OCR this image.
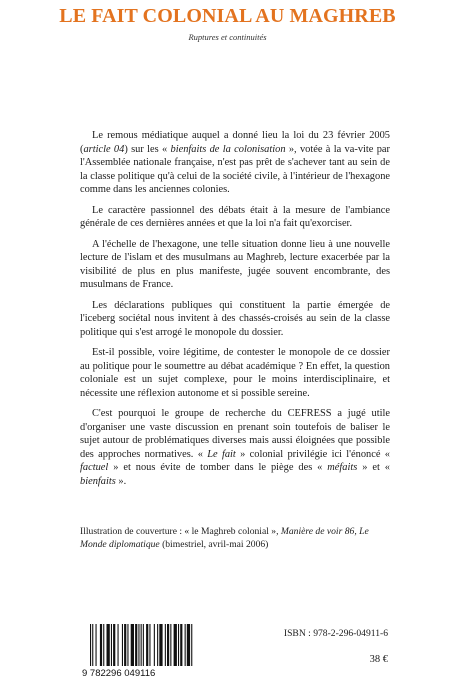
LE FAIT COLONIAL AU MAGHREB
Ruptures et continuités

Le remous médiatique auquel a donné lieu la loi du 23 février 2005 (article 04) sur les « bienfaits de la colonisation », votée à la va-vite par l'Assemblée nationale française, n'est pas prêt de s'achever tant au sein de la classe politique qu'à celui de la société civile, à l'intérieur de l'hexagone comme dans les anciennes colonies.

Le caractère passionnel des débats était à la mesure de l'ambiance générale de ces dernières années et que la loi n'a fait qu'exorciser.

A l'échelle de l'hexagone, une telle situation donne lieu à une nouvelle lecture de l'islam et des musulmans au Maghreb, lecture exacerbée par la visibilité de plus en plus manifeste, jugée souvent encombrante, des musulmans de France.

Les déclarations publiques qui constituent la partie émergée de l'iceberg sociétal nous invitent à des chassés-croisés au sein de la classe politique qui s'est arrogé le monopole du dossier.

Est-il possible, voire légitime, de contester le monopole de ce dossier au politique pour le soumettre au débat académique ? En effet, la question coloniale est un sujet complexe, pour le moins interdisciplinaire, et nécessite une réflexion autonome et si possible sereine.

C'est pourquoi le groupe de recherche du CEFRESS a jugé utile d'organiser une vaste discussion en prenant soin toutefois de baliser le sujet autour de problématiques diverses mais aussi éloignées que possible des approches normatives. « Le fait » colonial privilégie ici l'énoncé « factuel » et nous évite de tomber dans le piège des « méfaits » et « bienfaits ».

Illustration de couverture : « le Maghreb colonial », Manière de voir 86, Le Monde diplomatique (bimestriel, avril-mai 2006)
9 782296 049116
ISBN : 978-2-296-04911-6
38 €
